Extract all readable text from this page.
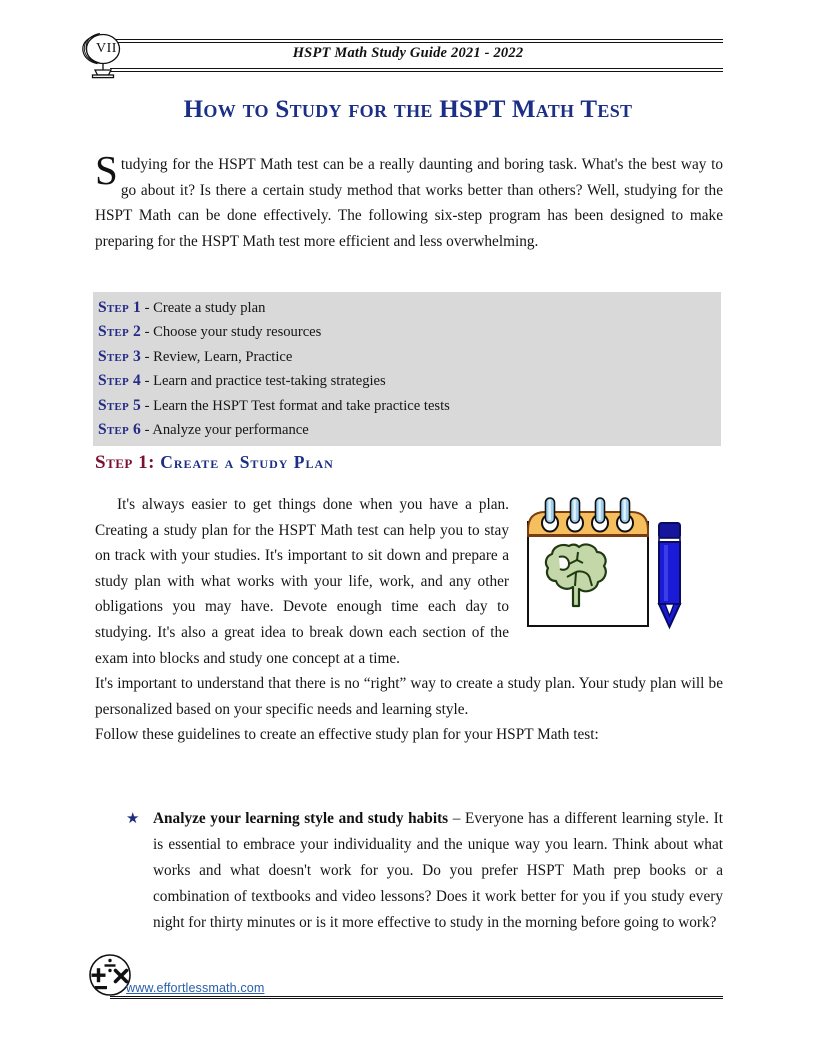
HSPT Math Study Guide 2021 - 2022
VII
How to Study for the HSPT Math Test
Studying for the HSPT Math test can be a really daunting and boring task. What's the best way to go about it? Is there a certain study method that works better than others? Well, studying for the HSPT Math can be done effectively. The following six-step program has been designed to make preparing for the HSPT Math test more efficient and less overwhelming.
Step 1 - Create a study plan
Step 2 - Choose your study resources
Step 3 - Review, Learn, Practice
Step 4 - Learn and practice test-taking strategies
Step 5 - Learn the HSPT Test format and take practice tests
Step 6 - Analyze your performance
Step 1: Create a Study Plan

It's always easier to get things done when you have a plan. Creating a study plan for the HSPT Math test can help you to stay on track with your studies. It's important to sit down and prepare a study plan with what works with your life, work, and any other obligations you may have. Devote enough time each day to studying. It's also a great idea to break down each section of the exam into blocks and study one concept at a time.

It's important to understand that there is no “right” way to create a study plan. Your study plan will be personalized based on your specific needs and learning style.

Follow these guidelines to create an effective study plan for your HSPT Math test:

★ Analyze your learning style and study habits – Everyone has a different learning style. It is essential to embrace your individuality and the unique way you learn. Think about what works and what doesn't work for you. Do you prefer HSPT Math prep books or a combination of textbooks and video lessons? Does it work better for you if you study every night for thirty minutes or is it more effective to study in the morning before going to work?
www.effortlessmath.com
